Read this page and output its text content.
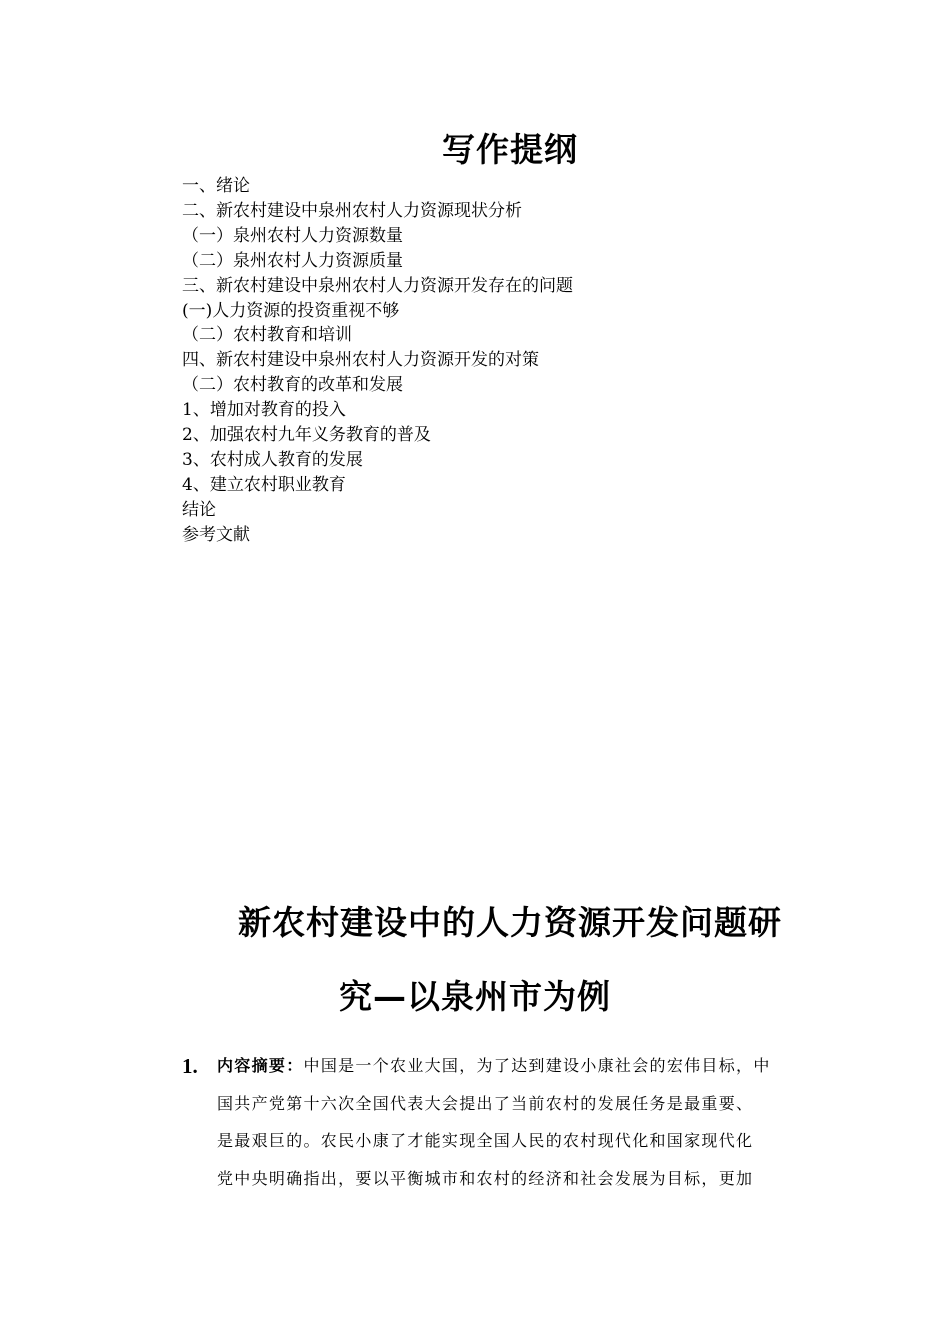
写作提纲
一、绪论
二、新农村建设中泉州农村人力资源现状分析
（一）泉州农村人力资源数量
（二）泉州农村人力资源质量
三、新农村建设中泉州农村人力资源开发存在的问题
(一)人力资源的投资重视不够
（二）农村教育和培训
四、新农村建设中泉州农村人力资源开发的对策
（二）农村教育的改革和发展
1、增加对教育的投入
2、加强农村九年义务教育的普及
3、农村成人教育的发展
4、建立农村职业教育
结论
参考文献
新农村建设中的人力资源开发问题研
究—以泉州市为例
1. 内容摘要：中国是一个农业大国，为了达到建设小康社会的宏伟目标，中
国共产党第十六次全国代表大会提出了当前农村的发展任务是最重要、
是最艰巨的。农民小康了才能实现全国人民的农村现代化和国家现代化
党中央明确指出，要以平衡城市和农村的经济和社会发展为目标，更加
